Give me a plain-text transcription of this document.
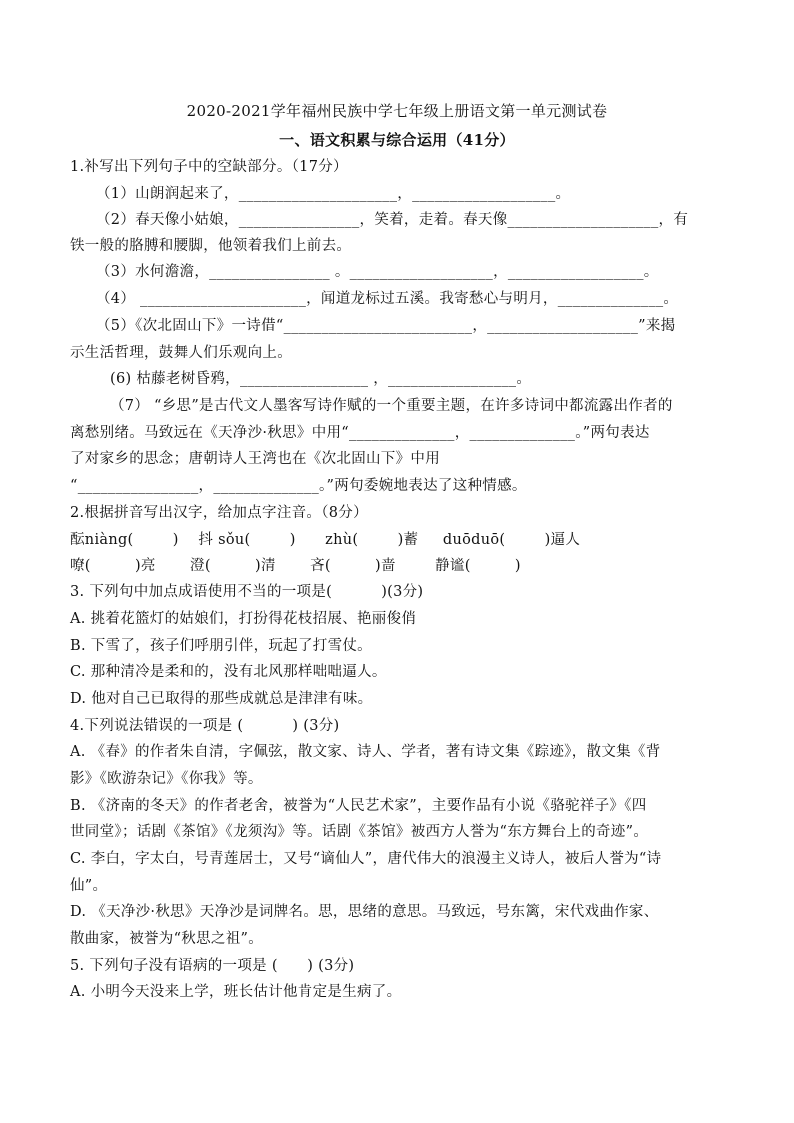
2020-2021学年福州民族中学七年级上册语文第一单元测试卷
一、语文积累与综合运用（41分）
1.补写出下列句子中的空缺部分。（17分）
（1）山朗润起来了，_____________________，___________________。
（2）春天像小姑娘，________________，笑着，走着。春天像____________________，有
铁一般的胳膊和腰脚，他领着我们上前去。
（3）水何澹澹，________________ 。___________________，__________________。
（4） ______________________，闻道龙标过五溪。我寄愁心与明月，______________。
（5）《次北固山下》一诗借“_________________________，____________________”来揭
示生活哲理，鼓舞人们乐观向上。
(6) 枯藤老树昏鸦，_________________ ，_________________。
（7） “乡思”是古代文人墨客写诗作赋的一个重要主题，在许多诗词中都流露出作者的
离愁别绪。马致远在《天净沙·秋思》中用“______________，______________。”两句表达
了对家乡的思念；唐朝诗人王湾也在《次北固山下》中用
“________________，______________。”两句委婉地表达了这种情感。
2.根据拼音写出汉字，给加点字注音。（8分）
酝niàng(        )    抖 sǒu(        )      zhù(        )蓄     duōduō(        )逼人
嘹(         )亮       澄(         )清       吝(         )啬        静谧(         )
3. 下列句中加点成语使用不当的一项是(          )(3分)
A. 挑着花篮灯的姑娘们，打扮得花枝招展、艳丽俊俏
B. 下雪了，孩子们呼朋引伴，玩起了打雪仗。
C. 那种清冷是柔和的，没有北风那样咄咄逼人。
D. 他对自己已取得的那些成就总是津津有味。
4.下列说法错误的一项是 (          ) (3分)
A. 《春》的作者朱自清，字佩弦，散文家、诗人、学者，著有诗文集《踪迹》，散文集《背
影》《欧游杂记》《你我》等。
B. 《济南的冬天》的作者老舍，被誉为“人民艺术家”，主要作品有小说《骆驼祥子》《四
世同堂》；话剧《茶馆》《龙须沟》等。话剧《茶馆》被西方人誉为“东方舞台上的奇迹”。
C. 李白，字太白，号青莲居士，又号“谪仙人”，唐代伟大的浪漫主义诗人，被后人誉为“诗
仙”。
D. 《天净沙·秋思》天净沙是词牌名。思，思绪的意思。马致远，号东篱，宋代戏曲作家、
散曲家，被誉为“秋思之祖”。
5. 下列句子没有语病的一项是 (      ) (3分)
A. 小明今天没来上学，班长估计他肯定是生病了。
